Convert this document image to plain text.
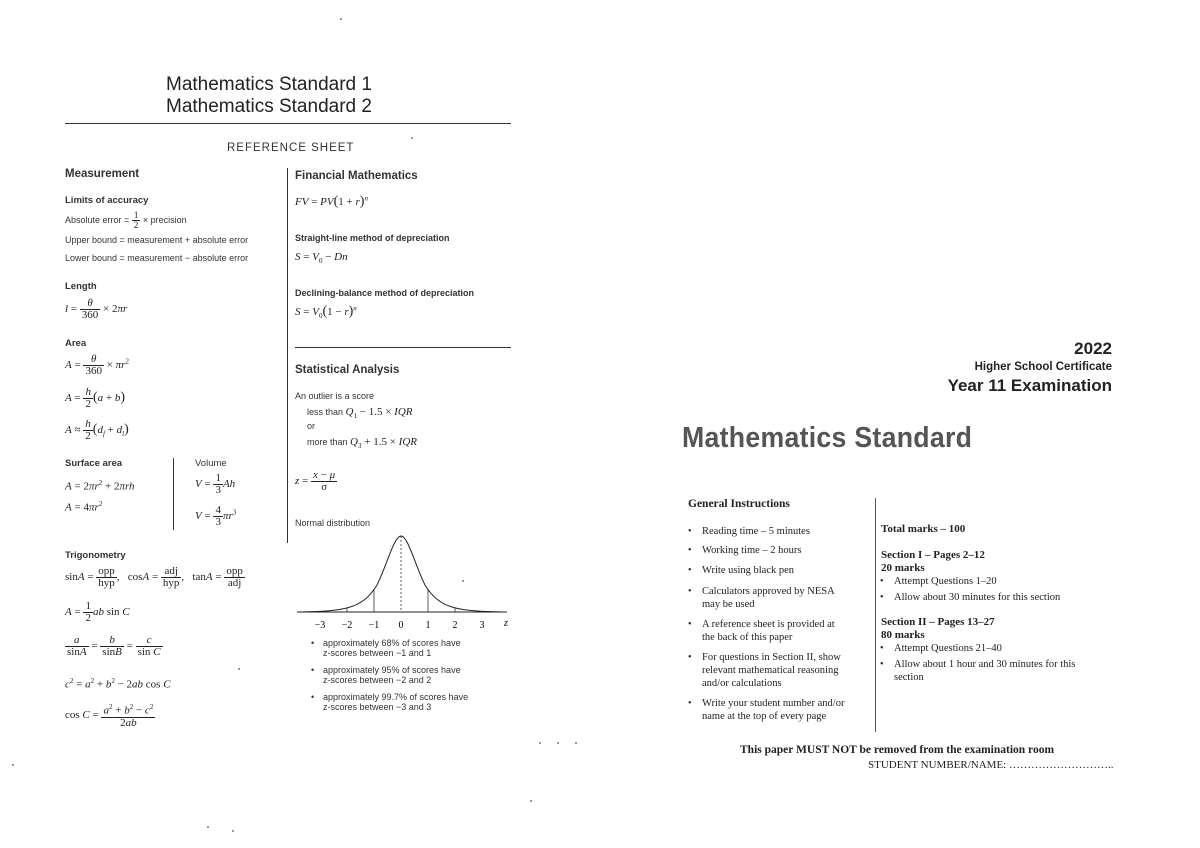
Mathematics Standard 1
Mathematics Standard 2
REFERENCE SHEET
Measurement
Limits of accuracy
Absolute error = $\frac{1}{2}$ × precision
Upper bound = measurement + absolute error
Lower bound = measurement − absolute error
Length
$l = \frac{\theta}{360} \times 2\pi r$
Area
$A = \frac{\theta}{360} \times \pi r^2$
$A = \frac{h}{2} (a + b)$
$A \approx \frac{h}{2} (d_f + d_l)$
Surface area	Volume
$A = 2\pi r^2 + 2\pi rh$
$A = 4\pi r^2$
$V = \frac{1}{3}$ Ah
$V = \frac{4}{3} \pi r^3$
Trigonometry
$\sin A = \frac{\text{opp}}{\text{hyp}}$ ,   $\cos A = \frac{\text{adj}}{\text{hyp}}$ ,   $\tan A = \frac{\text{opp}}{\text{adj}}$
$A = \frac{1}{2}$ ab sin C
$\frac{a}{\sin A} = \frac{b}{\sin B} = \frac{c}{\text{sin C}}$
$c^2 = a^2 + b^2 - 2ab$ cos C
$\cos C = \frac{a^2 + b^2 - c^2}{2ab}$
Financial Mathematics
FV = $PV(1 + r)^n$
Straight-line method of depreciation
$S = V_0 - Dn$
Declining-balance method of depreciation
$S = V_0(1 - r)^n$
Statistical Analysis
An outlier is a score
less than $Q_1 - 1.5$ × IQR
or
more than $Q_3 + 1.5$ × IQR
$z = \frac{x - \mu}{\sigma}$
Normal distribution
−3 −2 −1 0 1 2 3 z
• approximately 68% of scores have
z-scores between −1 and 1
• approximately 95% of scores have
z-scores between −2 and 2
• approximately 99.7% of scores have
z-scores between −3 and 3
2022
Higher School Certificate
Year 11 Examination
Mathematics Standard
General Instructions
• Reading time – 5 minutes
• Working time – 2 hours
• Write using black pen
• Calculators approved by NESA
may be used
• A reference sheet is provided at
the back of this paper
• For questions in Section II, show
relevant mathematical reasoning
and/or calculations
• Write your student number and/or
name at the top of every page
Total marks – 100
Section I – Pages 2–12
20 marks
• Attempt Questions 1–20
• Allow about 30 minutes for this section
Section II – Pages 13–27
80 marks
• Attempt Questions 21–40
• Allow about 1 hour and 30 minutes for this
section
This paper MUST NOT be removed from the examination room
STUDENT NUMBER/NAME: ………………………..
